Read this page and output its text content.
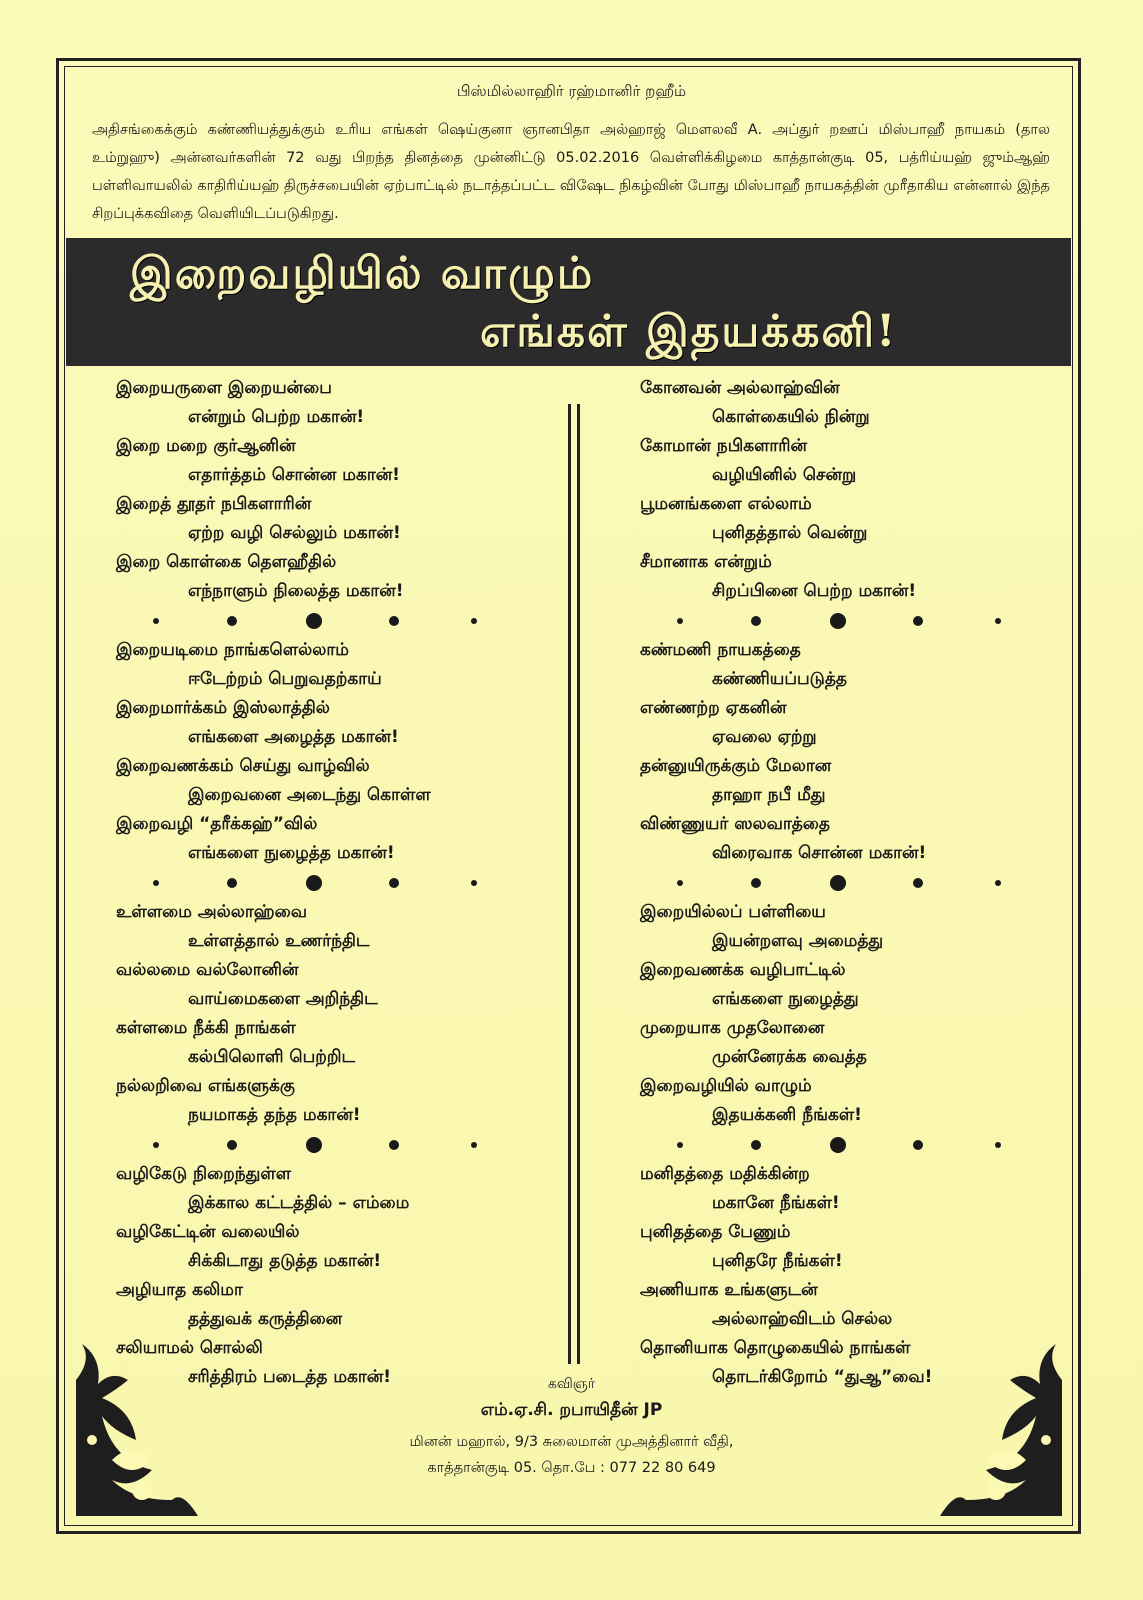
பிஸ்மில்லாஹிர் ரஹ்மானிர் றஹீம்
அதிசங்கைக்கும் கண்ணியத்துக்கும் உரிய எங்கள் ஷெய்குனா ஞானபிதா அல்ஹாஜ் மௌலவீ A. அப்துர் றஊப் மிஸ்பாஹீ நாயகம் (தால உம்றுஹு) அன்னவர்களின் 72 வது பிறந்த தினத்தை முன்னிட்டு 05.02.2016 வெள்ளிக்கிழமை காத்தான்குடி 05, பத்ரிய்யஹ் ஜும்ஆஹ் பள்ளிவாயலில் காதிரிய்யஹ் திருச்சபையின் ஏற்பாட்டில் நடாத்தப்பட்ட விஷேட நிகழ்வின் போது மிஸ்பாஹீ நாயகத்தின் முரீதாகிய என்னால் இந்த சிறப்புக்கவிதை வெளியிடப்படுகிறது.
இறைவழியில் வாழும்
எங்கள் இதயக்கனி!
இறையருளை இறையன்பை
என்றும் பெற்ற மகான்!
இறை மறை குர்ஆனின்
எதார்த்தம் சொன்ன மகான்!
இறைத் தூதர் நபிகளாரின்
ஏற்ற வழி செல்லும் மகான்!
இறை கொள்கை தௌஹீதில்
எந்நாளும் நிலைத்த மகான்!
இறையடிமை நாங்களெல்லாம்
ஈடேற்றம் பெறுவதற்காய்
இறைமார்க்கம் இஸ்லாத்தில்
எங்களை அழைத்த மகான்!
இறைவணக்கம் செய்து வாழ்வில்
இறைவனை அடைந்து கொள்ள
இறைவழி “தரீக்கஹ்”வில்
எங்களை நுழைத்த மகான்!
உள்ளமை அல்லாஹ்வை
உள்ளத்தால் உணர்ந்திட
வல்லமை வல்லோனின்
வாய்மைகளை அறிந்திட
கள்ளமை நீக்கி நாங்கள்
கல்பிலொளி பெற்றிட
நல்லறிவை எங்களுக்கு
நயமாகத் தந்த மகான்!
வழிகேடு நிறைந்துள்ள
இக்கால கட்டத்தில் – எம்மை
வழிகேட்டின் வலையில்
சிக்கிடாது தடுத்த மகான்!
அழியாத கலிமா
தத்துவக் கருத்தினை
சலியாமல் சொல்லி
சரித்திரம் படைத்த மகான்!
கோனவன் அல்லாஹ்வின்
கொள்கையில் நின்று
கோமான் நபிகளாரின்
வழியினில் சென்று
பூமனங்களை எல்லாம்
புனிதத்தால் வென்று
சீமானாக என்றும்
சிறப்பினை பெற்ற மகான்!
கண்மணி நாயகத்தை
கண்ணியப்படுத்த
எண்ணற்ற ஏகனின்
ஏவலை ஏற்று
தன்னுயிருக்கும் மேலான
தாஹா நபீ மீது
விண்ணுயர் ஸலவாத்தை
விரைவாக சொன்ன மகான்!
இறையில்லப் பள்ளியை
இயன்றளவு அமைத்து
இறைவணக்க வழிபாட்டில்
எங்களை நுழைத்து
முறையாக முதலோனை
முன்னேரக்க வைத்த
இறைவழியில் வாழும்
இதயக்கனி நீங்கள்!
மனிதத்தை மதிக்கின்ற
மகானே நீங்கள்!
புனிதத்தை பேணும்
புனிதரே நீங்கள்!
அணியாக உங்களுடன்
அல்லாஹ்விடம் செல்ல
தொனியாக தொழுகையில் நாங்கள்
தொடர்கிறோம் “துஆ”வை!
கவிஞர்
எம்.ஏ.சி. றபாயிதீன் JP
மினன் மஹால், 9/3 சுலைமான் முஅத்தினார் வீதி,
காத்தான்குடி 05. தொ.பே : 077 22 80 649
